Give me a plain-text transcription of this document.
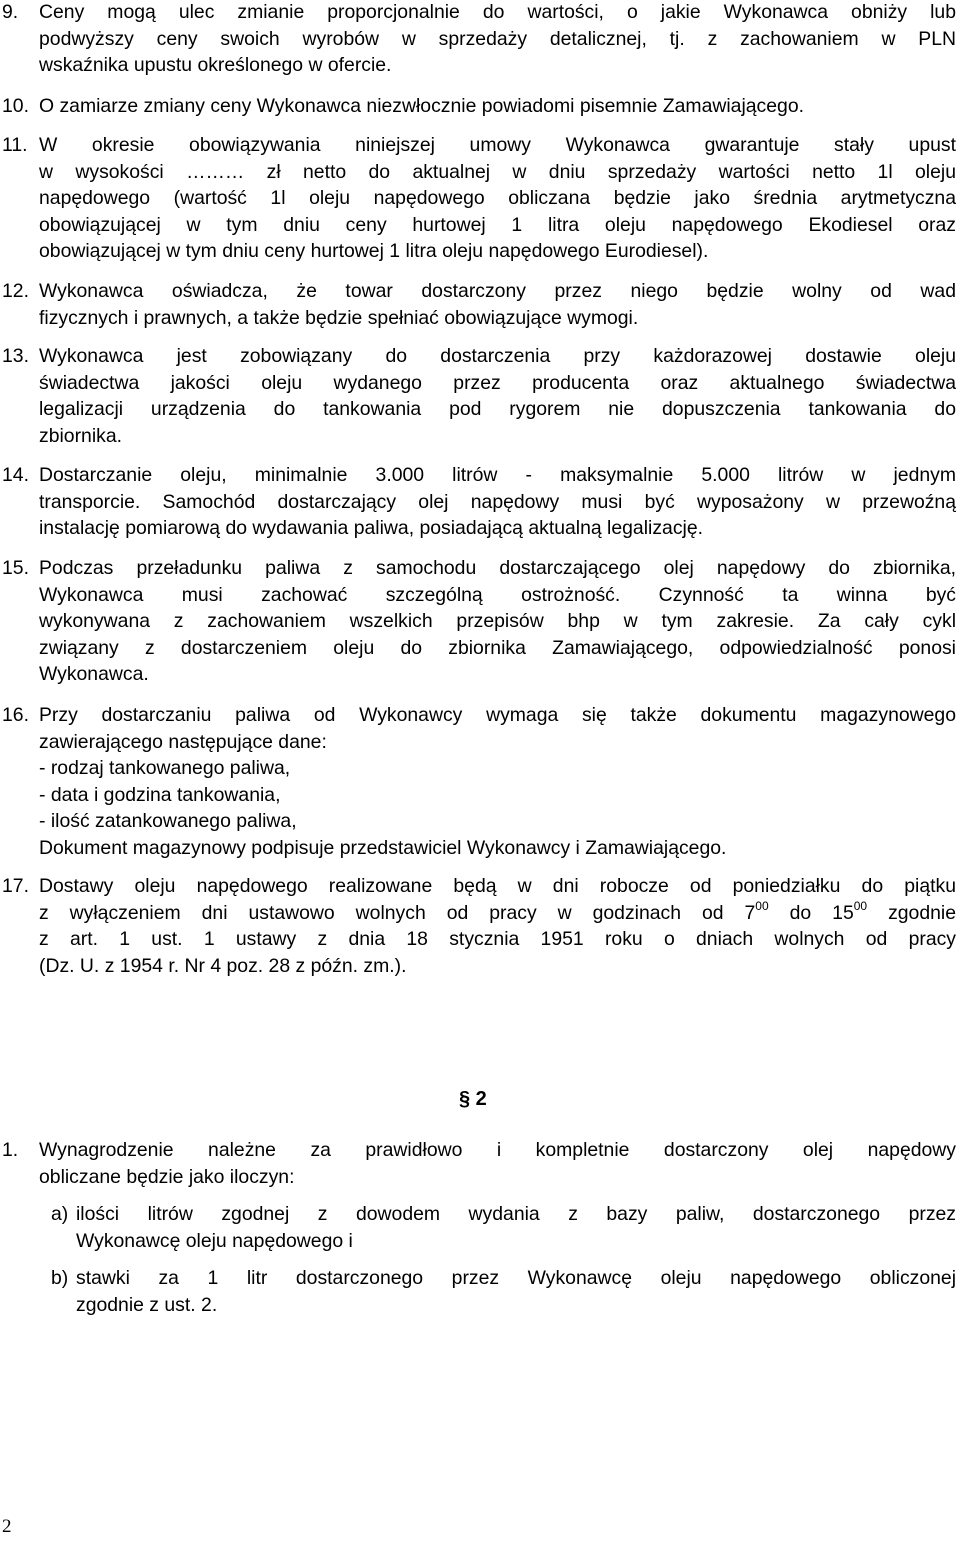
9. Ceny mogą ulec zmianie proporcjonalnie do wartości, o jakie Wykonawca obniży lub
podwyższy ceny swoich wyrobów w sprzedaży detalicznej, tj. z zachowaniem w PLN
wskaźnika upustu określonego w ofercie.
10. O zamiarze zmiany ceny Wykonawca niezwłocznie powiadomi pisemnie Zamawiającego.
11. W okresie obowiązywania niniejszej umowy Wykonawca gwarantuje stały upust
w wysokości ……… zł netto do aktualnej w dniu sprzedaży wartości netto 1l oleju
napędowego (wartość 1l oleju napędowego obliczana będzie jako średnia arytmetyczna
obowiązującej w tym dniu ceny hurtowej 1 litra oleju napędowego Ekodiesel oraz
obowiązującej w tym dniu ceny hurtowej 1 litra oleju napędowego Eurodiesel).
12. Wykonawca oświadcza, że towar dostarczony przez niego będzie wolny od wad
fizycznych i prawnych, a także będzie spełniać obowiązujące wymogi.
13. Wykonawca jest zobowiązany do dostarczenia przy każdorazowej dostawie oleju
świadectwa jakości oleju wydanego przez producenta oraz aktualnego świadectwa
legalizacji urządzenia do tankowania pod rygorem nie dopuszczenia tankowania do
zbiornika.
14. Dostarczanie oleju, minimalnie 3.000 litrów - maksymalnie 5.000 litrów w jednym
transporcie. Samochód dostarczający olej napędowy musi być wyposażony w przewoźną
instalację pomiarową do wydawania paliwa, posiadającą aktualną legalizację.
15. Podczas przeładunku paliwa z samochodu dostarczającego olej napędowy do zbiornika,
Wykonawca musi zachować szczególną ostrożność. Czynność ta winna być
wykonywana z zachowaniem wszelkich przepisów bhp w tym zakresie. Za cały cykl
związany z dostarczeniem oleju do zbiornika Zamawiającego, odpowiedzialność ponosi
Wykonawca.
16. Przy dostarczaniu paliwa od Wykonawcy wymaga się także dokumentu magazynowego
zawierającego następujące dane:
- rodzaj tankowanego paliwa,
- data i godzina tankowania,
- ilość zatankowanego paliwa,
Dokument magazynowy podpisuje przedstawiciel Wykonawcy i Zamawiającego.
17. Dostawy oleju napędowego realizowane będą w dni robocze od poniedziałku do piątku
z wyłączeniem dni ustawowo wolnych od pracy w godzinach od $7^{00}$ do $15^{00}$ zgodnie
z art. 1 ust. 1 ustawy z dnia 18 stycznia 1951 roku o dniach wolnych od pracy
(Dz. U. z 1954 r. Nr 4 poz. 28 z późn. zm.).
§ 2
1. Wynagrodzenie należne za prawidłowo i kompletnie dostarczony olej napędowy
obliczane będzie jako iloczyn:
a) ilości litrów zgodnej z dowodem wydania z bazy paliw, dostarczonego przez
Wykonawcę oleju napędowego i
b) stawki za 1 litr dostarczonego przez Wykonawcę oleju napędowego obliczonej
zgodnie z ust. 2.
2
